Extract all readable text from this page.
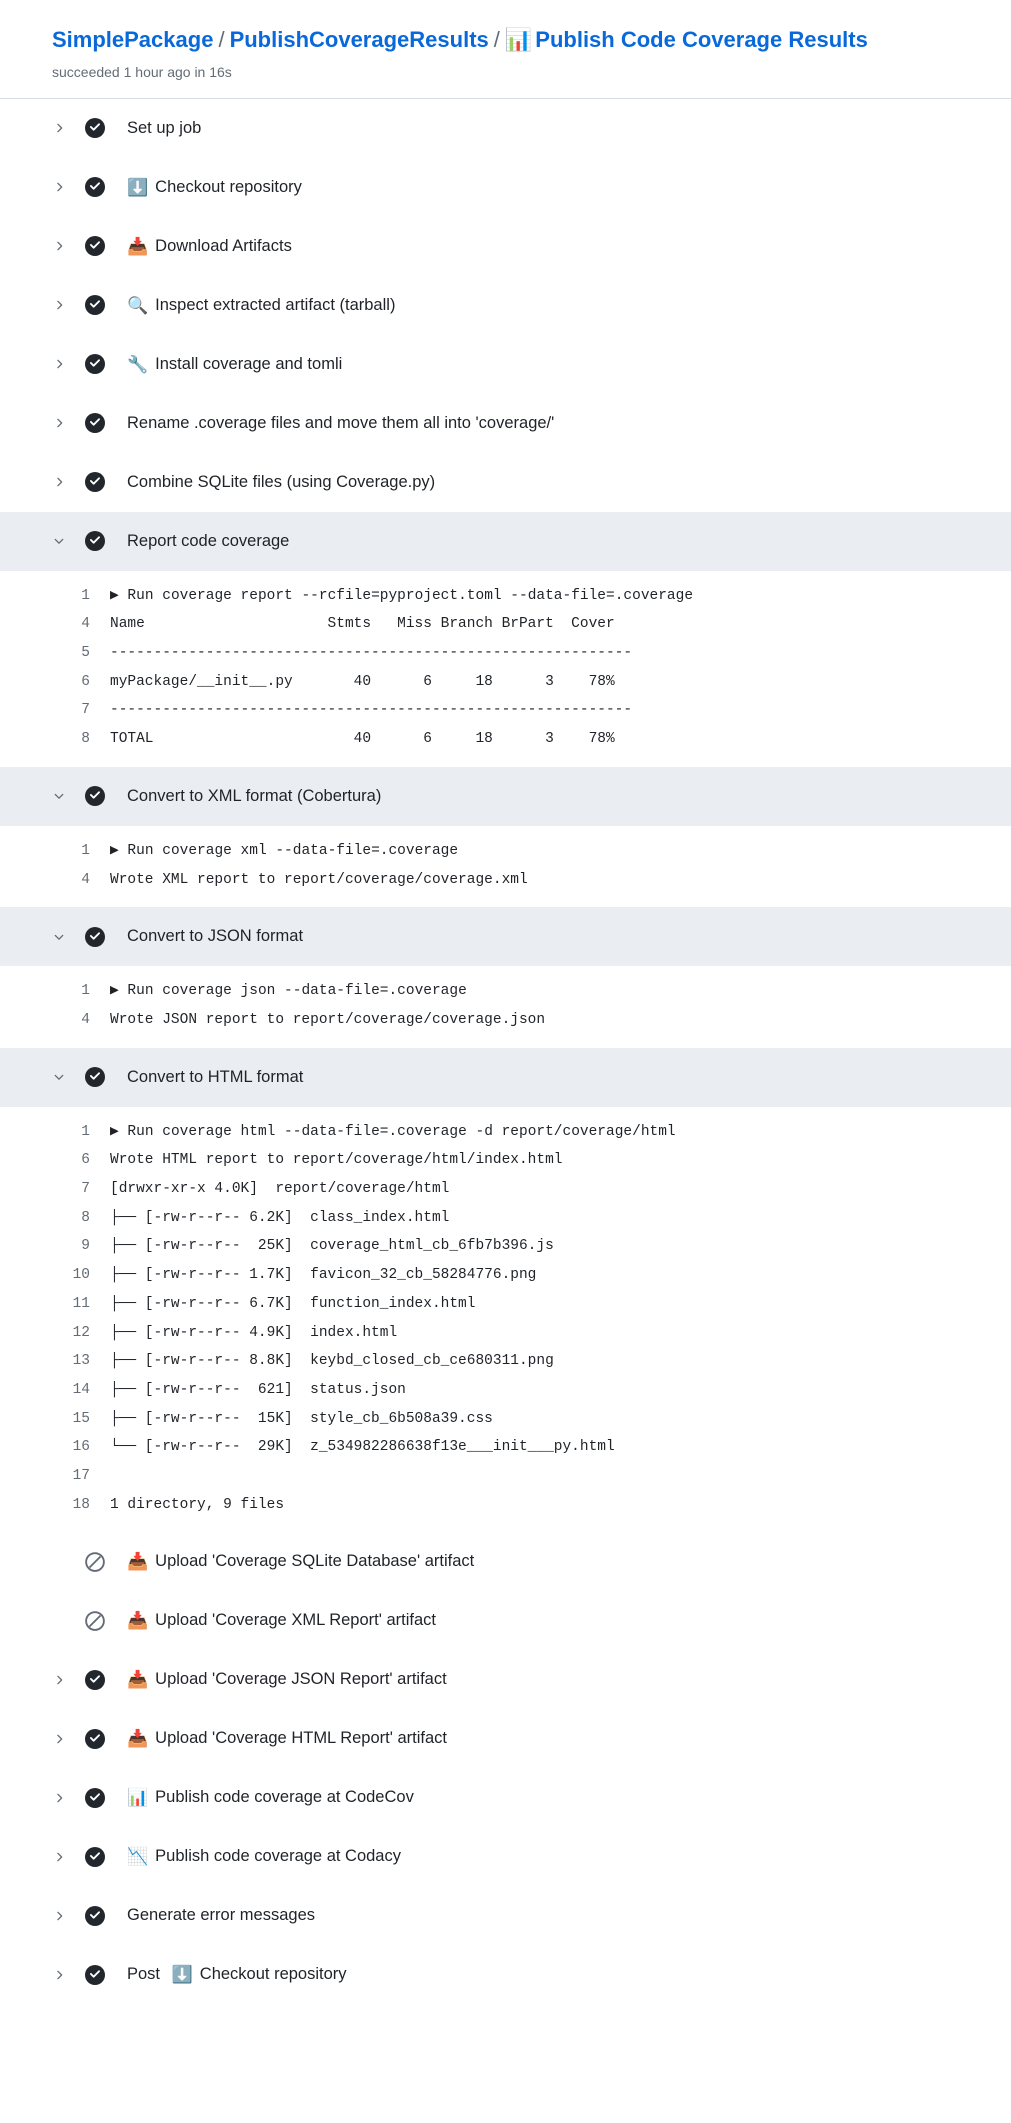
SimplePackage / PublishCoverageResults / 📊 Publish Code Coverage Results
succeeded 1 hour ago in 16s
Set up job
⬇️ Checkout repository
📥 Download Artifacts
🔍 Inspect extracted artifact (tarball)
🔧 Install coverage and tomli
Rename .coverage files and move them all into 'coverage/'
Combine SQLite files (using Coverage.py)
Report code coverage
1	▶ Run coverage report --rcfile=pyproject.toml --data-file=.coverage
4	Name                     Stmts   Miss Branch BrPart  Cover
5	------------------------------------------------------------
6	myPackage/__init__.py       40      6     18      3    78%
7	------------------------------------------------------------
8	TOTAL                       40      6     18      3    78%
Convert to XML format (Cobertura)
1	▶ Run coverage xml --data-file=.coverage
4	Wrote XML report to report/coverage/coverage.xml
Convert to JSON format
1	▶ Run coverage json --data-file=.coverage
4	Wrote JSON report to report/coverage/coverage.json
Convert to HTML format
1	▶ Run coverage html --data-file=.coverage -d report/coverage/html
6	Wrote HTML report to report/coverage/html/index.html
7	[drwxr-xr-x 4.0K]  report/coverage/html
8	├── [-rw-r--r-- 6.2K]  class_index.html
9	├── [-rw-r--r--  25K]  coverage_html_cb_6fb7b396.js
10	├── [-rw-r--r-- 1.7K]  favicon_32_cb_58284776.png
11	├── [-rw-r--r-- 6.7K]  function_index.html
12	├── [-rw-r--r-- 4.9K]  index.html
13	├── [-rw-r--r-- 8.8K]  keybd_closed_cb_ce680311.png
14	├── [-rw-r--r--  621]  status.json
15	├── [-rw-r--r--  15K]  style_cb_6b508a39.css
16	└── [-rw-r--r--  29K]  z_534982286638f13e___init___py.html
17
18	1 directory, 9 files
📥 Upload 'Coverage SQLite Database' artifact
📥 Upload 'Coverage XML Report' artifact
📥 Upload 'Coverage JSON Report' artifact
📥 Upload 'Coverage HTML Report' artifact
📊 Publish code coverage at CodeCov
📉 Publish code coverage at Codacy
Generate error messages
Post ⬇️ Checkout repository
